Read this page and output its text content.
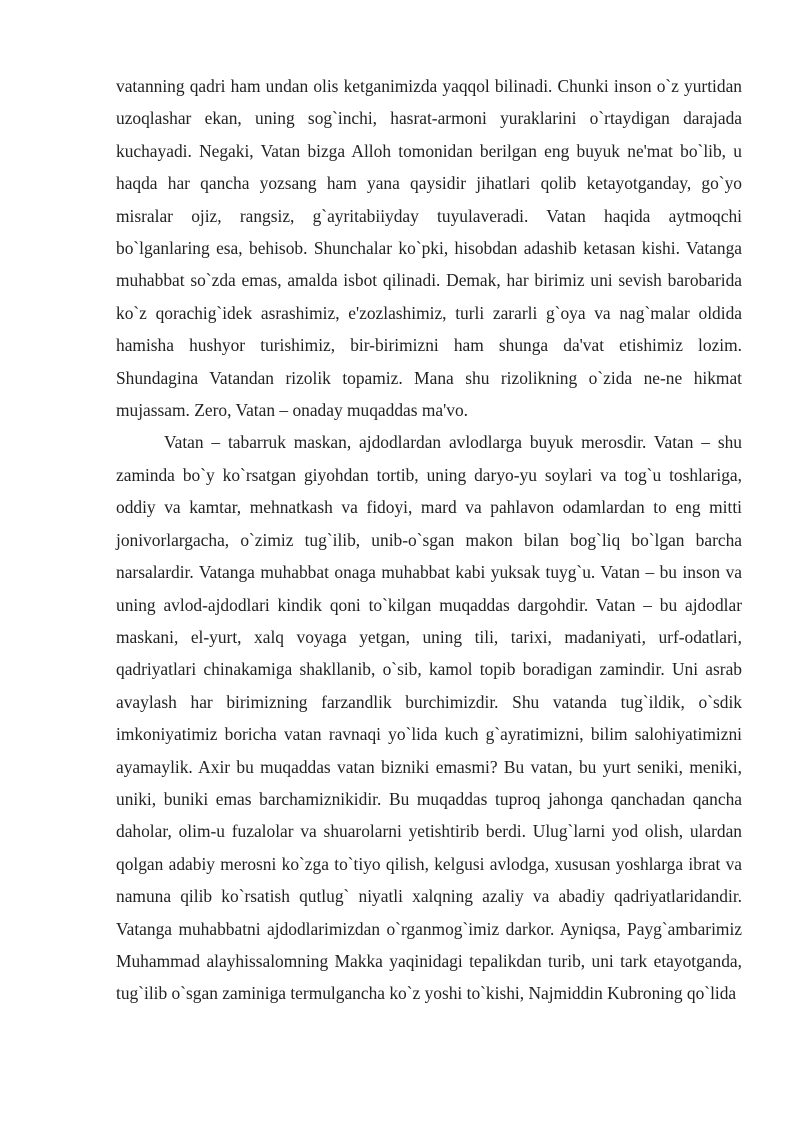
vatanning qadri ham undan olis ketganimizda yaqqol bilinadi. Chunki inson o`z yurtidan uzoqlashar ekan, uning sog`inchi, hasrat-armoni yuraklarini o`rtaydigan darajada kuchayadi. Negaki, Vatan bizga Alloh tomonidan berilgan eng buyuk ne'mat bo`lib, u haqda har qancha yozsang ham yana qaysidir jihatlari qolib ketayotganday, go`yo misralar ojiz, rangsiz, g`ayritabiiyday tuyulaveradi. Vatan haqida aytmoqchi bo`lganlaring esa, behisob. Shunchalar ko`pki, hisobdan adashib ketasan kishi. Vatanga muhabbat so`zda emas, amalda isbot qilinadi. Demak, har birimiz uni sevish barobarida ko`z qorachig`idek asrashimiz, e'zozlashimiz, turli zararli g`oya va nag`malar oldida hamisha hushyor turishimiz, bir-birimizni ham shunga da'vat etishimiz lozim. Shundagina Vatandan rizolik topamiz. Mana shu rizolikning o`zida ne-ne hikmat mujassam. Zero, Vatan – onaday muqaddas ma'vo.

Vatan – tabarruk maskan, ajdodlardan avlodlarga buyuk merosdir. Vatan – shu zaminda bo`y ko`rsatgan giyohdan tortib, uning daryo-yu soylari va tog`u toshlariga, oddiy va kamtar, mehnatkash va fidoyi, mard va pahlavon odamlardan to eng mitti jonivorlargacha, o`zimiz tug`ilib, unib-o`sgan makon bilan bog`liq bo`lgan barcha narsalardir. Vatanga muhabbat onaga muhabbat kabi yuksak tuyg`u. Vatan – bu inson va uning avlod-ajdodlari kindik qoni to`kilgan muqaddas dargohdir. Vatan – bu ajdodlar maskani, el-yurt, xalq voyaga yetgan, uning tili, tarixi, madaniyati, urf-odatlari, qadriyatlari chinakamiga shakllanib, o`sib, kamol topib boradigan zamindir. Uni asrab avaylash har birimizning farzandlik burchimizdir. Shu vatanda tug`ildik, o`sdik imkoniyatimiz boricha vatan ravnaqi yo`lida kuch g`ayratimizni, bilim salohiyatimizni ayamaylik. Axir bu muqaddas vatan bizniki emasmi? Bu vatan, bu yurt seniki, meniki, uniki, buniki emas barchamiznikidir. Bu muqaddas tuproq jahonga qanchadan qancha daholar, olim-u fuzalolar va shuarolarni yetishtirib berdi. Ulug`larni yod olish, ulardan qolgan adabiy merosni ko`zga to`tiyo qilish, kelgusi avlodga, xususan yoshlarga ibrat va namuna qilib ko`rsatish qutlug` niyatli xalqning azaliy va abadiy qadriyatlaridandir. Vatanga muhabbatni ajdodlarimizdan o`rganmog`imiz darkor. Ayniqsa, Payg`ambarimiz Muhammad alayhissalomning Makka yaqinidagi tepalikdan turib, uni tark etayotganda, tug`ilib o`sgan zaminiga termulgancha ko`z yoshi to`kishi, Najmiddin Kubroning qo`lida
